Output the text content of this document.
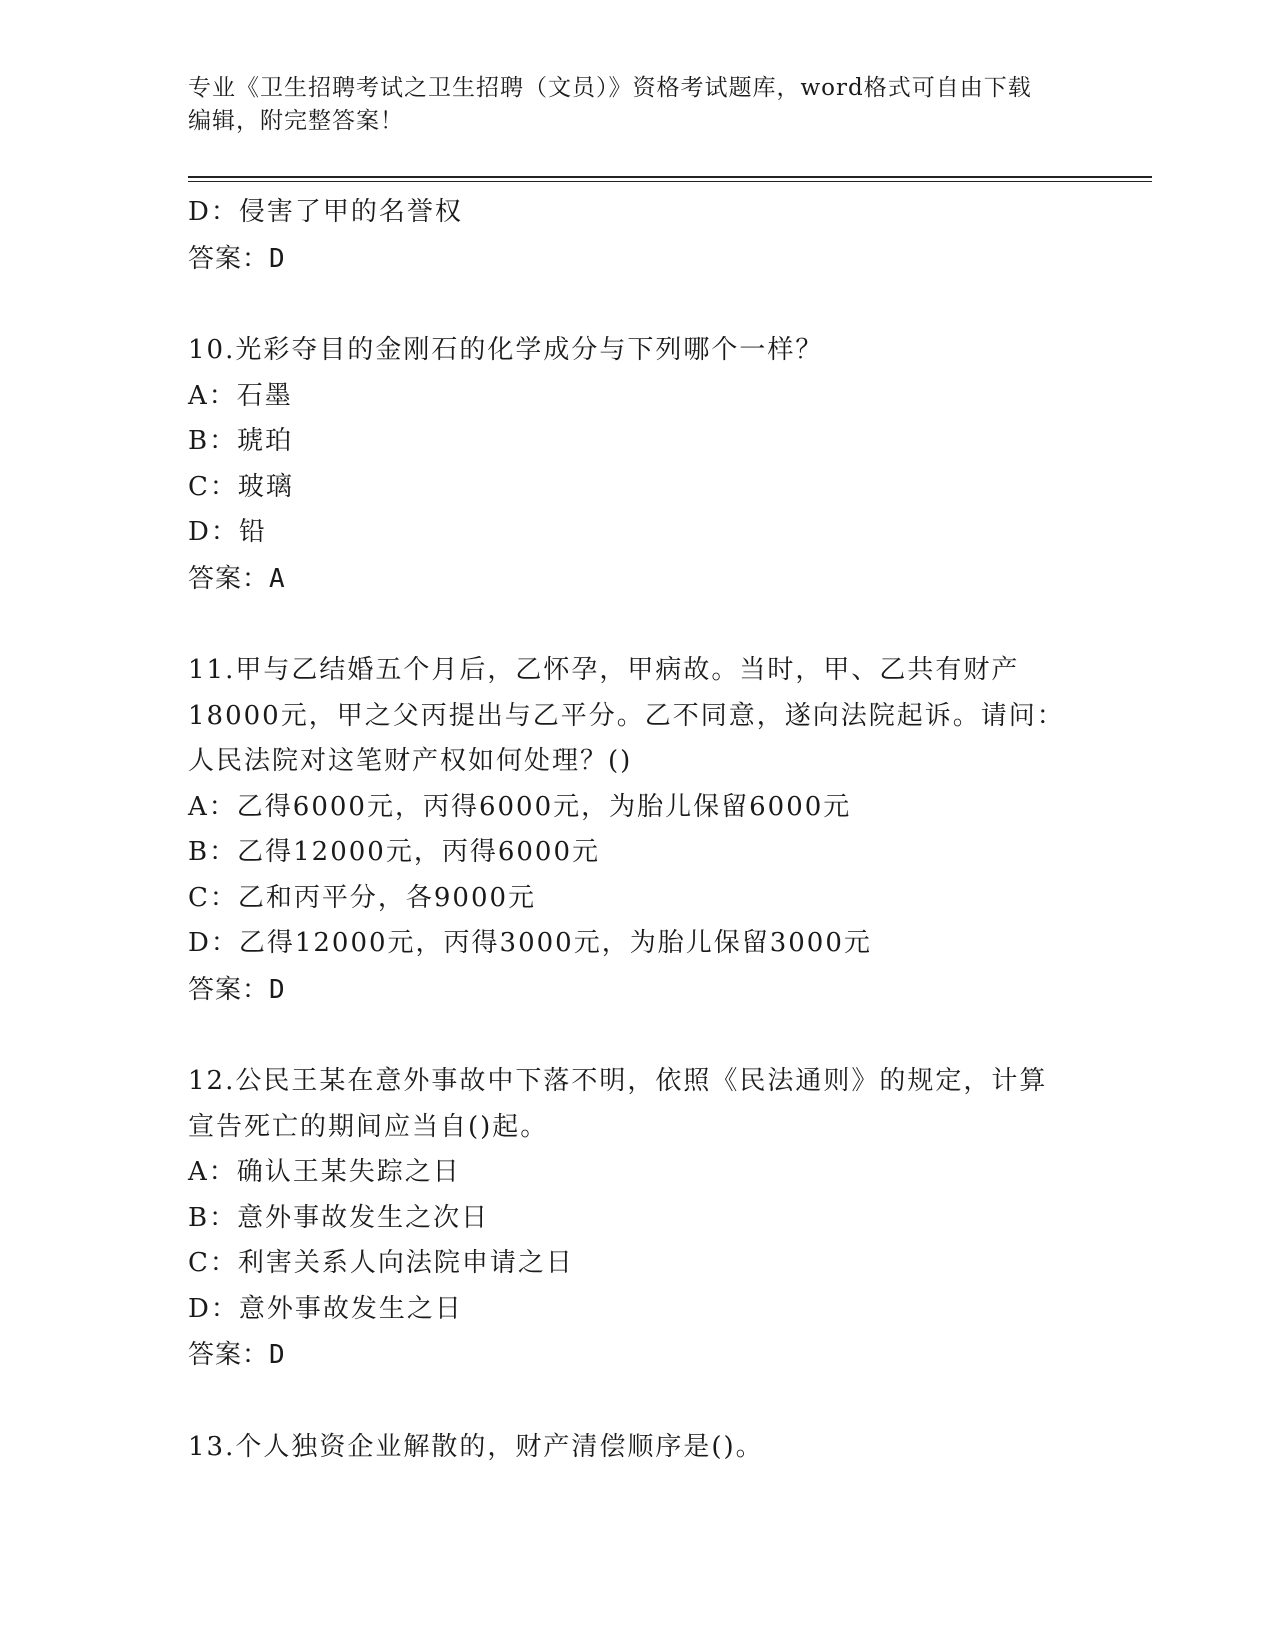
专业《卫生招聘考试之卫生招聘（文员）》资格考试题库，word格式可自由下载
编辑，附完整答案！
D：侵害了甲的名誉权
答案：D
10.光彩夺目的金刚石的化学成分与下列哪个一样？
A：石墨
B：琥珀
C：玻璃
D：铅
答案：A
11.甲与乙结婚五个月后，乙怀孕，甲病故。当时，甲、乙共有财产
18000元，甲之父丙提出与乙平分。乙不同意，遂向法院起诉。请问：
人民法院对这笔财产权如何处理？()
A：乙得6000元，丙得6000元，为胎儿保留6000元
B：乙得12000元，丙得6000元
C：乙和丙平分，各9000元
D：乙得12000元，丙得3000元，为胎儿保留3000元
答案：D
12.公民王某在意外事故中下落不明，依照《民法通则》的规定，计算
宣告死亡的期间应当自()起。
A：确认王某失踪之日
B：意外事故发生之次日
C：利害关系人向法院申请之日
D：意外事故发生之日
答案：D
13.个人独资企业解散的，财产清偿顺序是()。
